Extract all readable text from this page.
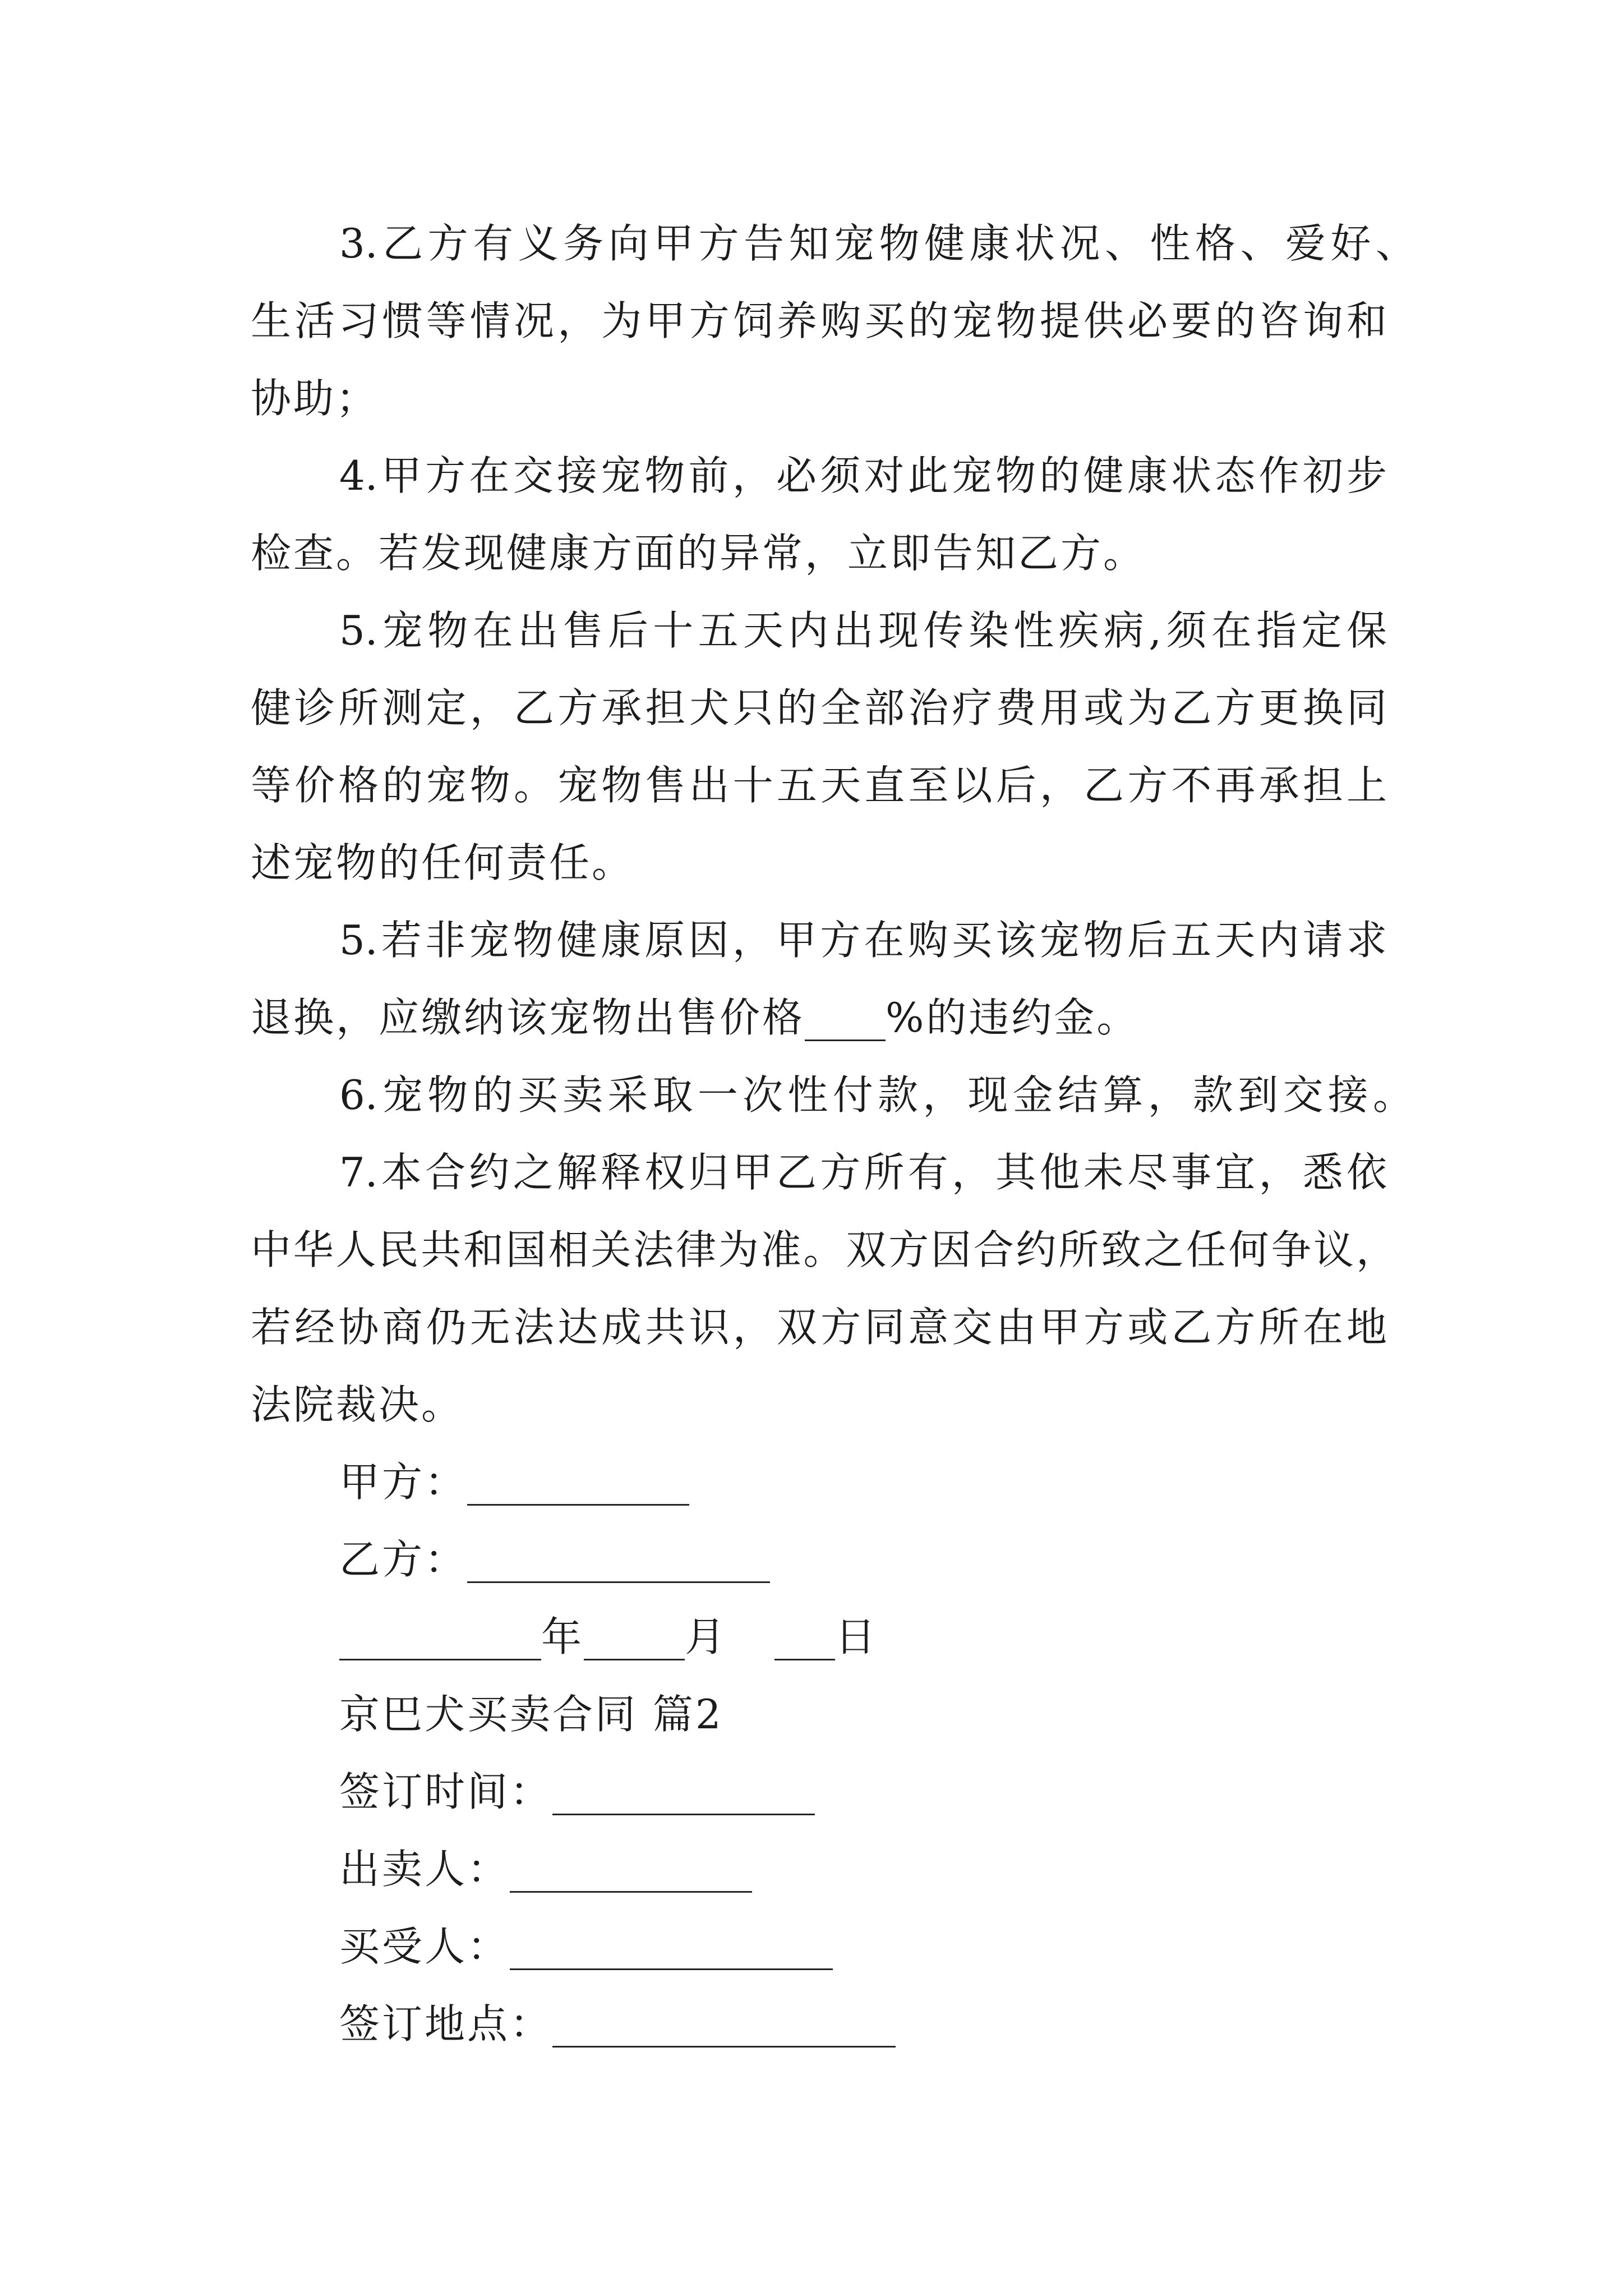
3.乙方有义务向甲方告知宠物健康状况、性格、爱好、
生活习惯等情况，为甲方饲养购买的宠物提供必要的咨询和
协助；
4.甲方在交接宠物前，必须对此宠物的健康状态作初步
检查。若发现健康方面的异常，立即告知乙方。
5.宠物在出售后十五天内出现传染性疾病,须在指定保
健诊所测定，乙方承担犬只的全部治疗费用或为乙方更换同
等价格的宠物。宠物售出十五天直至以后，乙方不再承担上
述宠物的任何责任。
5.若非宠物健康原因，甲方在购买该宠物后五天内请求
退换，应缴纳该宠物出售价格____%的违约金。
6.宠物的买卖采取一次性付款，现金结算，款到交接。
7.本合约之解释权归甲乙方所有，其他未尽事宜，悉依
中华人民共和国相关法律为准。双方因合约所致之任何争议，
若经协商仍无法达成共识，双方同意交由甲方或乙方所在地
法院裁决。
甲方：___________
乙方：_______________
__________年_____月 ___日
京巴犬买卖合同 篇2
签订时间：_____________
出卖人：____________
买受人：________________
签订地点：_________________
